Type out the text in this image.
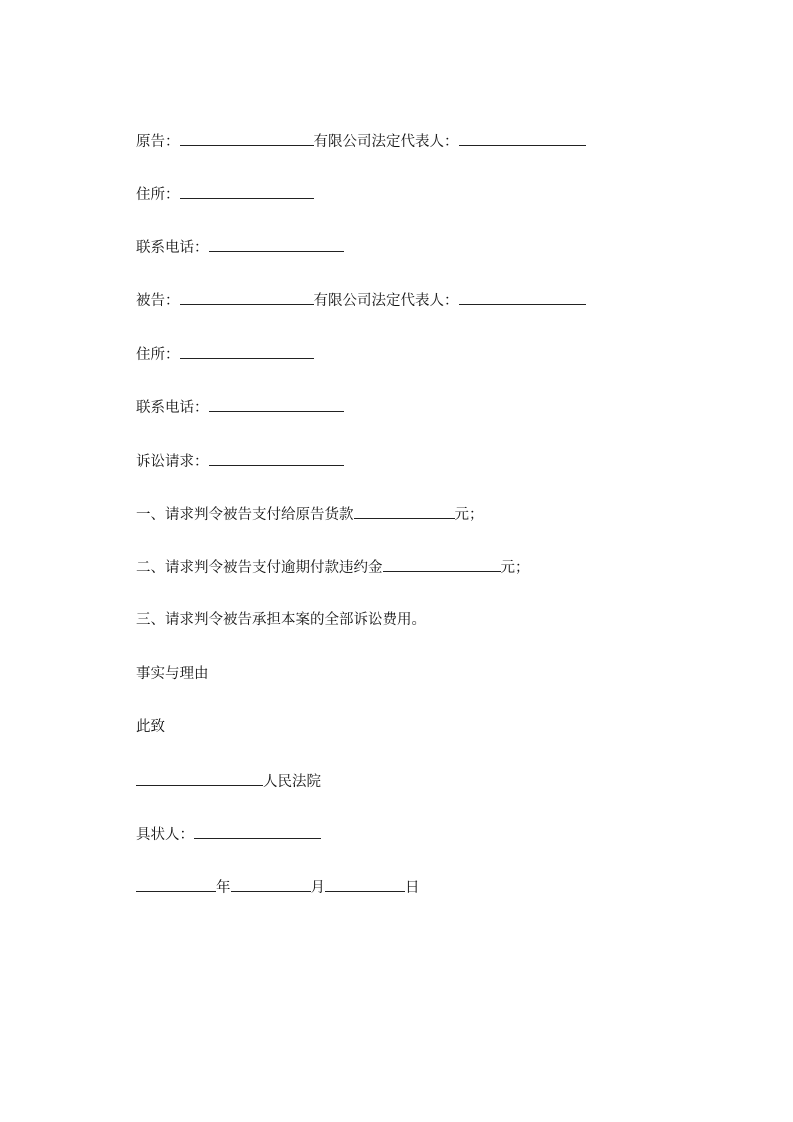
原告：	有限公司法定代表人：
住所：
联系电话：
被告：	有限公司法定代表人：
住所：
联系电话：
诉讼请求：
一、请求判令被告支付给原告货款	元；
二、请求判令被告支付逾期付款违约金	元；
三、请求判令被告承担本案的全部诉讼费用。
事实与理由
此致
人民法院
具状人：
年	月	日
